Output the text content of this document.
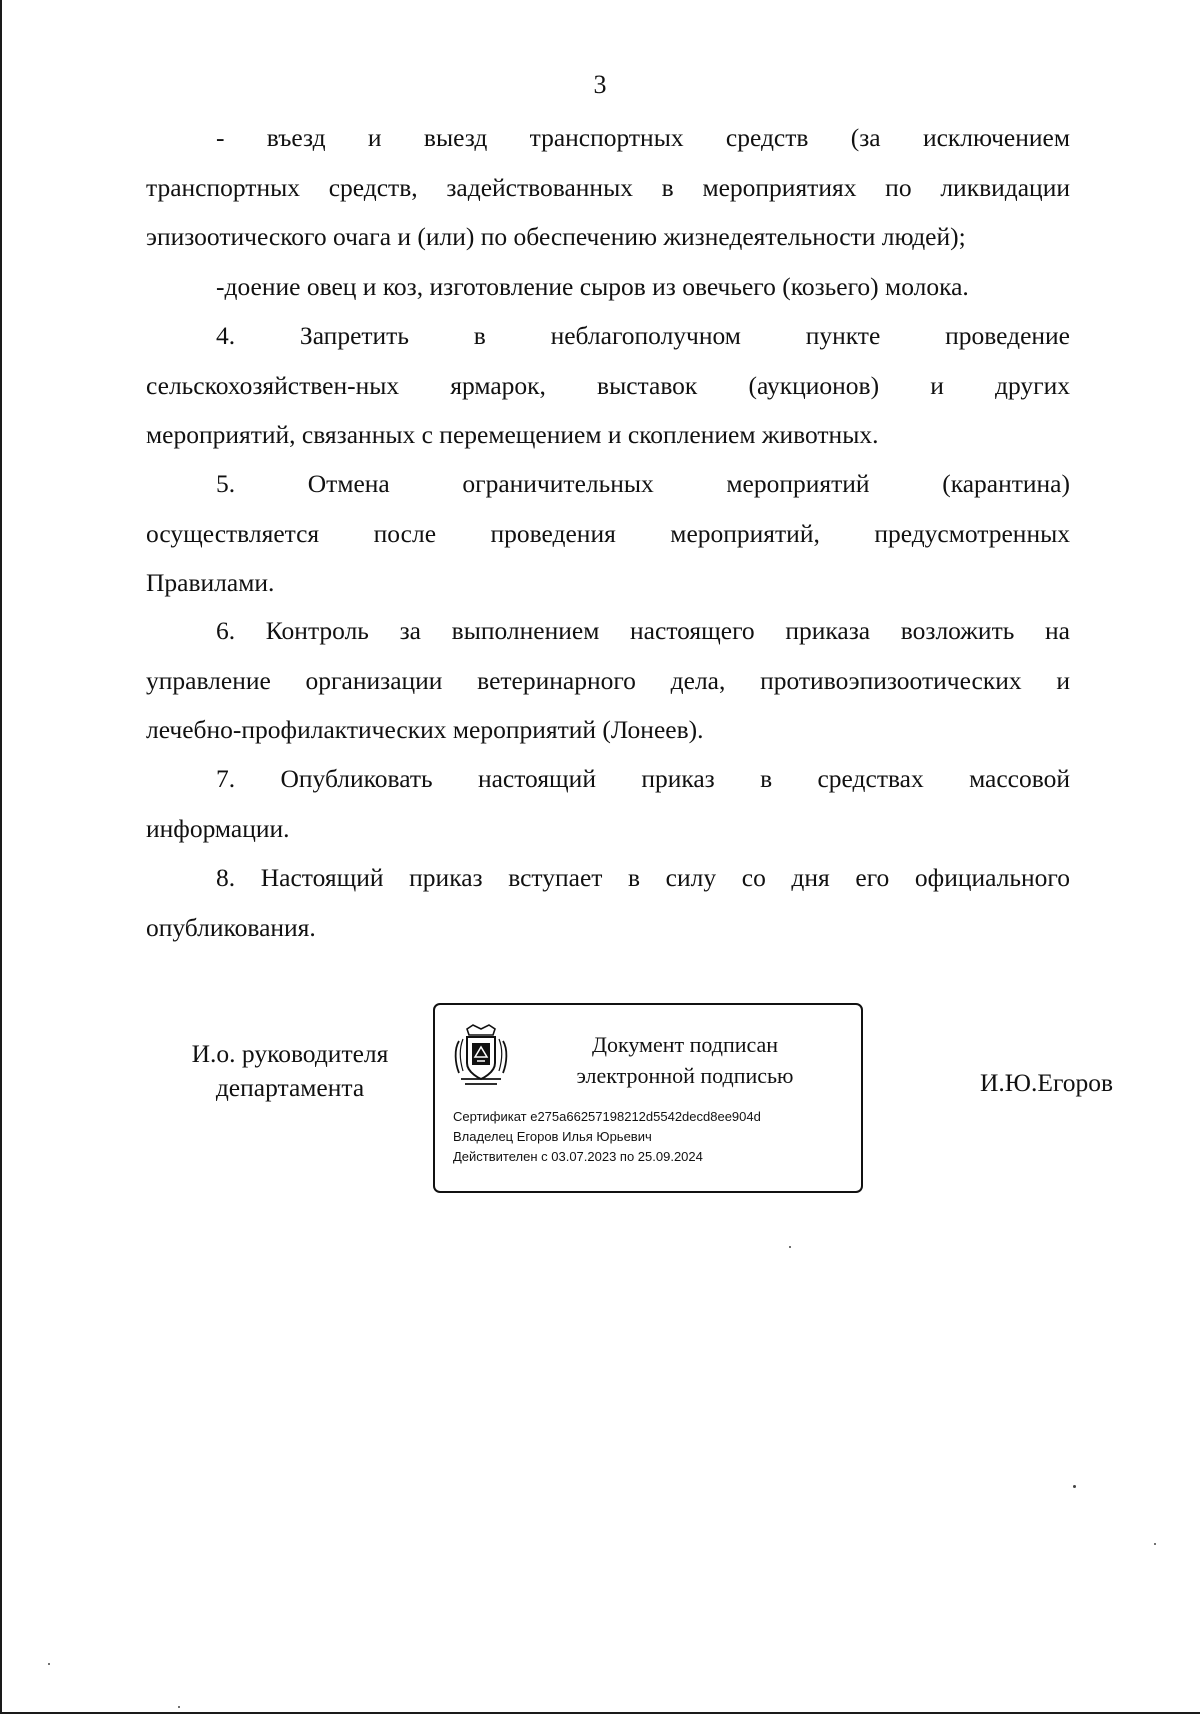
3

- въезд и выезд транспортных средств (за исключением

транспортных средств, задействованных в мероприятиях по ликвидации

эпизоотического очага и (или) по обеспечению жизнедеятельности людей);

-доение овец и коз, изготовление сыров из овечьего (козьего) молока.

4. Запретить в неблагополучном пункте проведение

сельскохозяйствен-ных ярмарок, выставок (аукционов) и других

мероприятий, связанных с перемещением и скоплением животных.

5. Отмена ограничительных мероприятий (карантина)

осуществляется после проведения мероприятий, предусмотренных

Правилами.

6. Контроль за выполнением настоящего приказа возложить на

управление организации ветеринарного дела, противоэпизоотических и

лечебно-профилактических мероприятий (Лонеев).

7. Опубликовать настоящий приказ в средствах массовой

информации.

8. Настоящий приказ вступает в силу со дня его официального

опубликования.

И.о. руководителя
департамента
Документ подписан
электронной подписью
Сертификат e275a66257198212d5542decd8ee904d
Владелец Егоров Илья Юрьевич
Действителен с 03.07.2023 по 25.09.2024
И.Ю.Егоров
